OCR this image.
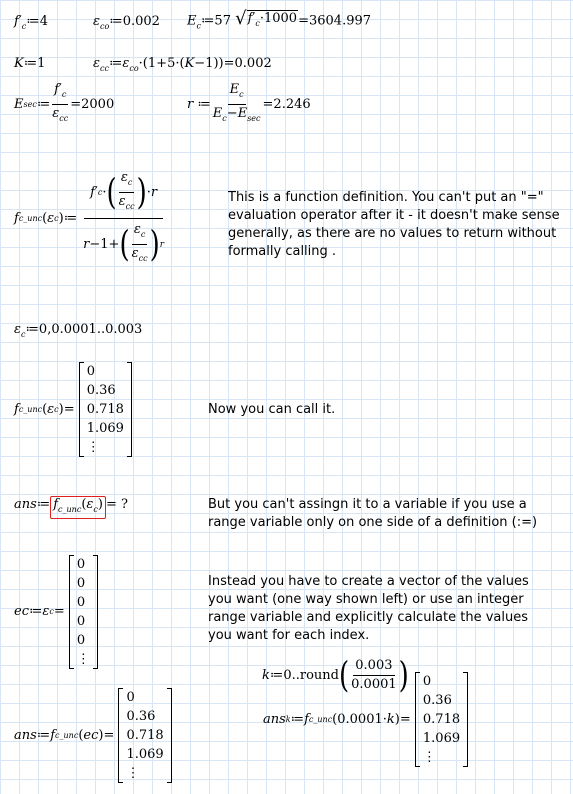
$f'_c≔4$	$\varepsilon_{co}≔0.002$ $E_c≔57$ √ $f'_c\cdot 1000 =3604.997$
K≔1	$\varepsilon_{cc}≔\varepsilon_{co}\cdot(1+5\cdot(K-1))=0.002$
E sec ≔ $\frac{f'_c}{\varepsilon_{cc}} = 2000$	r ≔ $\frac{E_c}{E_c-E_{sec}} = 2.246$
f c_unc ( ε c )≔ $\frac{f ' c \cdot ( \frac{\varepsilon_c}{\varepsilon_{cc}} ) \cdot r}{r - 1 + ( \frac{\varepsilon_c}{\varepsilon_{cc}} ) r}$	This is a function definition. You can't put an "=" evaluation operator after it - it doesn't make sense generally, as there are no values to return without formally calling .
$\varepsilon_c≔0,0.0001..0.003$
f c_unc ( ε c )=
0
0.36
0.718
1.069
⋮
Now you can call it.
ans≔ $f_{c\_unc}(\varepsilon_c)$ = ?	But you can't assingn it to a variable if you use a range variable only on one side of a definition (:=)
ec ≔ ε c =
0
0
0
0
0
⋮
Instead you have to create a vector of the values you want (one way shown left) or use an integer range variable and explicitly calculate the values you want for each index.
ans ≔ f c_unc ( ec )=
0
0.36
0.718
1.069
⋮
k ≔ 0 .. round ( $\frac{0.003}{0.0001}$ )
ans k ≔ f c_unc ( 0.0001 · k )=
0
0.36
0.718
1.069
⋮
